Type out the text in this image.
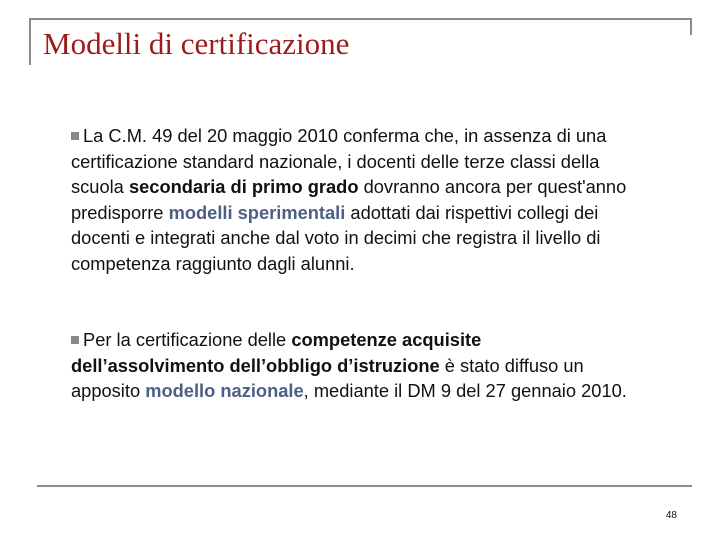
Modelli di certificazione

La C.M. 49 del 20 maggio 2010 conferma che, in assenza di una
certificazione standard nazionale, i docenti delle terze classi della
scuola secondaria di primo grado dovranno ancora per quest'anno
predisporre modelli sperimentali adottati dai rispettivi collegi dei
docenti e integrati anche dal voto in decimi che registra il livello di
competenza raggiunto dagli alunni.

Per la certificazione delle competenze acquisite
dell’assolvimento dell’obbligo d’istruzione è stato diffuso un
apposito modello nazionale, mediante il DM 9 del 27 gennaio 2010.

48
